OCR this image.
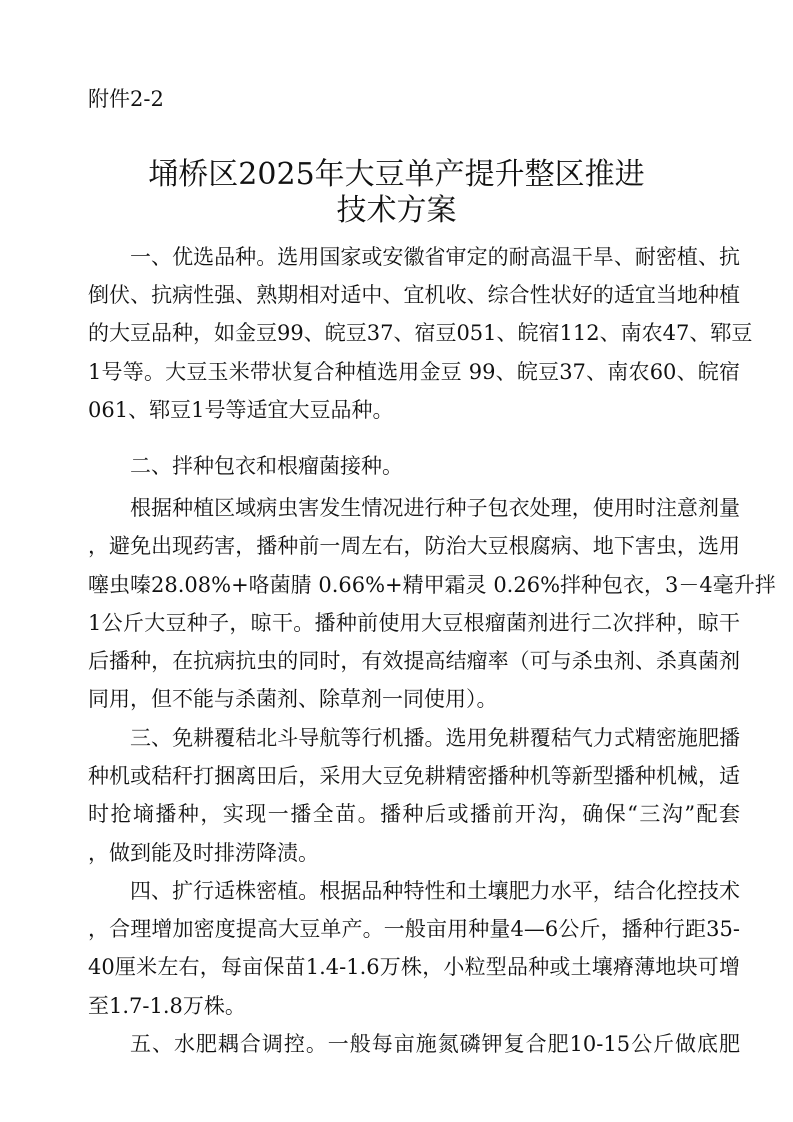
附件2-2
埇桥区2025年大豆单产提升整区推进
技术方案
一、优选品种。选用国家或安徽省审定的耐高温干旱、耐密植、抗
倒伏、抗病性强、熟期相对适中、宜机收、综合性状好的适宜当地种植
的大豆品种，如金豆99、皖豆37、宿豆051、皖宿112、南农47、郓豆
1号等。大豆玉米带状复合种植选用金豆 99、皖豆37、南农60、皖宿
061、郓豆1号等适宜大豆品种。
二、拌种包衣和根瘤菌接种。
根据种植区域病虫害发生情况进行种子包衣处理，使用时注意剂量
，避免出现药害，播种前一周左右，防治大豆根腐病、地下害虫，选用
噻虫嗪28.08%+咯菌腈 0.66%+精甲霜灵 0.26%拌种包衣，3－4毫升拌
1公斤大豆种子，晾干。播种前使用大豆根瘤菌剂进行二次拌种，晾干
后播种，在抗病抗虫的同时，有效提高结瘤率（可与杀虫剂、杀真菌剂
同用，但不能与杀菌剂、除草剂一同使用）。
三、免耕覆秸北斗导航等行机播。选用免耕覆秸气力式精密施肥播
种机或秸秆打捆离田后，采用大豆免耕精密播种机等新型播种机械，适
时抢墒播种，实现一播全苗。播种后或播前开沟，确保“三沟”配套
，做到能及时排涝降渍。
四、扩行适株密植。根据品种特性和土壤肥力水平，结合化控技术
，合理增加密度提高大豆单产。一般亩用种量4—6公斤，播种行距35-
40厘米左右，每亩保苗1.4-1.6万株，小粒型品种或土壤瘠薄地块可增
至1.7-1.8万株。
五、水肥耦合调控。一般每亩施氮磷钾复合肥10-15公斤做底肥
